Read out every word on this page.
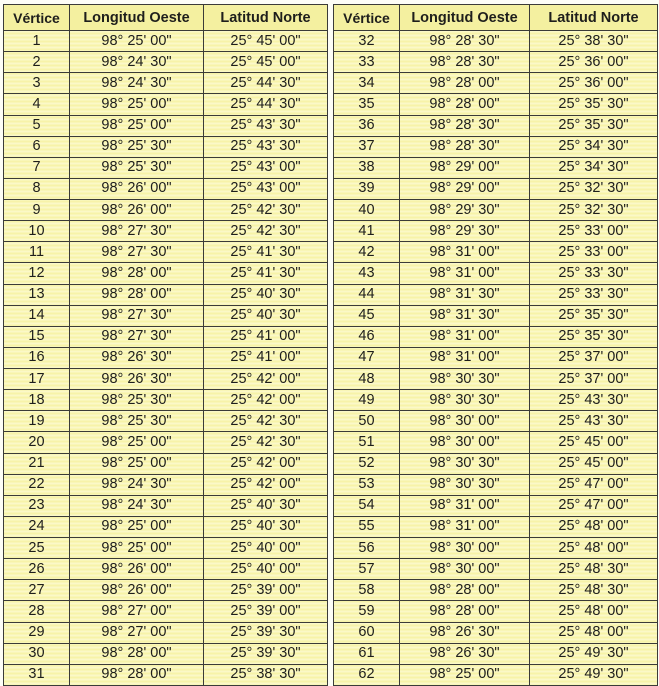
Vértice	Longitud Oeste	Latitud Norte
1	98° 25' 00"	25° 45' 00"
2	98° 24' 30"	25° 45' 00"
3	98° 24' 30"	25° 44' 30"
4	98° 25' 00"	25° 44' 30"
5	98° 25' 00"	25° 43' 30"
6	98° 25' 30"	25° 43' 30"
7	98° 25' 30"	25° 43' 00"
8	98° 26' 00"	25° 43' 00"
9	98° 26' 00"	25° 42' 30"
10	98° 27' 30"	25° 42' 30"
11	98° 27' 30"	25° 41' 30"
12	98° 28' 00"	25° 41' 30"
13	98° 28' 00"	25° 40' 30"
14	98° 27' 30"	25° 40' 30"
15	98° 27' 30"	25° 41' 00"
16	98° 26' 30"	25° 41' 00"
17	98° 26' 30"	25° 42' 00"
18	98° 25' 30"	25° 42' 00"
19	98° 25' 30"	25° 42' 30"
20	98° 25' 00"	25° 42' 30"
21	98° 25' 00"	25° 42' 00"
22	98° 24' 30"	25° 42' 00"
23	98° 24' 30"	25° 40' 30"
24	98° 25' 00"	25° 40' 30"
25	98° 25' 00"	25° 40' 00"
26	98° 26' 00"	25° 40' 00"
27	98° 26' 00"	25° 39' 00"
28	98° 27' 00"	25° 39' 00"
29	98° 27' 00"	25° 39' 30"
30	98° 28' 00"	25° 39' 30"
31	98° 28' 00"	25° 38' 30"
Vértice	Longitud Oeste	Latitud Norte
32	98° 28' 30"	25° 38' 30"
33	98° 28' 30"	25° 36' 00"
34	98° 28' 00"	25° 36' 00"
35	98° 28' 00"	25° 35' 30"
36	98° 28' 30"	25° 35' 30"
37	98° 28' 30"	25° 34' 30"
38	98° 29' 00"	25° 34' 30"
39	98° 29' 00"	25° 32' 30"
40	98° 29' 30"	25° 32' 30"
41	98° 29' 30"	25° 33' 00"
42	98° 31' 00"	25° 33' 00"
43	98° 31' 00"	25° 33' 30"
44	98° 31' 30"	25° 33' 30"
45	98° 31' 30"	25° 35' 30"
46	98° 31' 00"	25° 35' 30"
47	98° 31' 00"	25° 37' 00"
48	98° 30' 30"	25° 37' 00"
49	98° 30' 30"	25° 43' 30"
50	98° 30' 00"	25° 43' 30"
51	98° 30' 00"	25° 45' 00"
52	98° 30' 30"	25° 45' 00"
53	98° 30' 30"	25° 47' 00"
54	98° 31' 00"	25° 47' 00"
55	98° 31' 00"	25° 48' 00"
56	98° 30' 00"	25° 48' 00"
57	98° 30' 00"	25° 48' 30"
58	98° 28' 00"	25° 48' 30"
59	98° 28' 00"	25° 48' 00"
60	98° 26' 30"	25° 48' 00"
61	98° 26' 30"	25° 49' 30"
62	98° 25' 00"	25° 49' 30"
